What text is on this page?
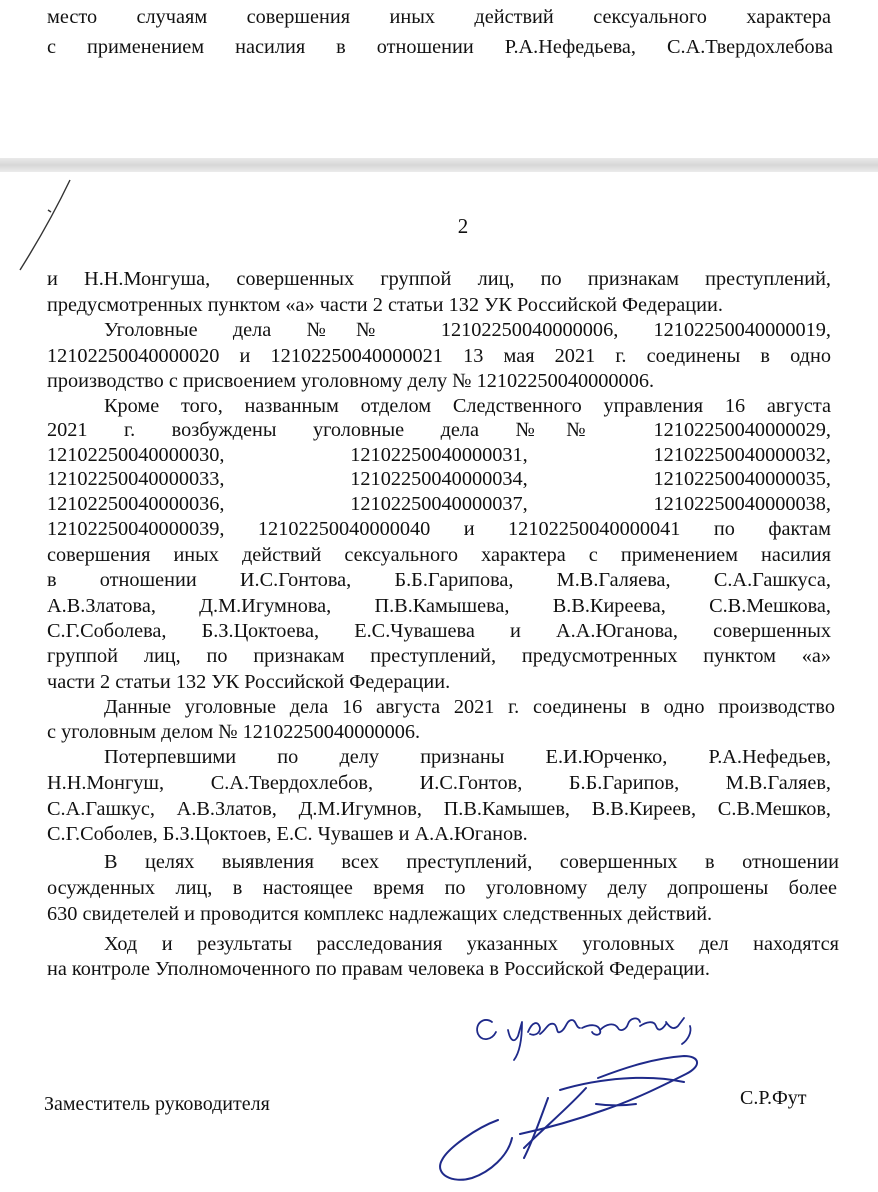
место случаям совершения иных действий сексуального характера
с применением насилия в отношении Р.А.Нефедьева, С.А.Твердохлебова
2
и Н.Н.Монгуша, совершенных группой лиц, по признакам преступлений,
предусмотренных пунктом «а» части 2 статьи 132 УК Российской Федерации.
Уголовные дела №№ 12102250040000006, 12102250040000019,
12102250040000020 и 12102250040000021 13 мая 2021 г. соединены в одно
производство с присвоением уголовному делу № 12102250040000006.
Кроме того, названным отделом Следственного управления 16 августа
2021 г. возбуждены уголовные дела №№ 12102250040000029,
12102250040000030, 12102250040000031, 12102250040000032,
12102250040000033, 12102250040000034, 12102250040000035,
12102250040000036, 12102250040000037, 12102250040000038,
12102250040000039, 12102250040000040 и 12102250040000041 по фактам
совершения иных действий сексуального характера с применением насилия
в отношении И.С.Гонтова, Б.Б.Гарипова, М.В.Галяева, С.А.Гашкуса,
А.В.Златова, Д.М.Игумнова, П.В.Камышева, В.В.Киреева, С.В.Мешкова,
С.Г.Соболева, Б.З.Цоктоева, Е.С.Чувашева и А.А.Юганова, совершенных
группой лиц, по признакам преступлений, предусмотренных пунктом «а»
части 2 статьи 132 УК Российской Федерации.
Данные уголовные дела 16 августа 2021 г. соединены в одно производство
с уголовным делом № 12102250040000006.
Потерпевшими по делу признаны Е.И.Юрченко, Р.А.Нефедьев,
Н.Н.Монгуш, С.А.Твердохлебов, И.С.Гонтов, Б.Б.Гарипов, М.В.Галяев,
С.А.Гашкус, А.В.Златов, Д.М.Игумнов, П.В.Камышев, В.В.Киреев, С.В.Мешков,
С.Г.Соболев, Б.З.Цоктоев, Е.С. Чувашев и А.А.Юганов.
В целях выявления всех преступлений, совершенных в отношении
осужденных лиц, в настоящее время по уголовному делу допрошены более
630 свидетелей и проводится комплекс надлежащих следственных действий.
Ход и результаты расследования указанных уголовных дел находятся
на контроле Уполномоченного по правам человека в Российской Федерации.
Заместитель руководителя	С.Р.Фут
